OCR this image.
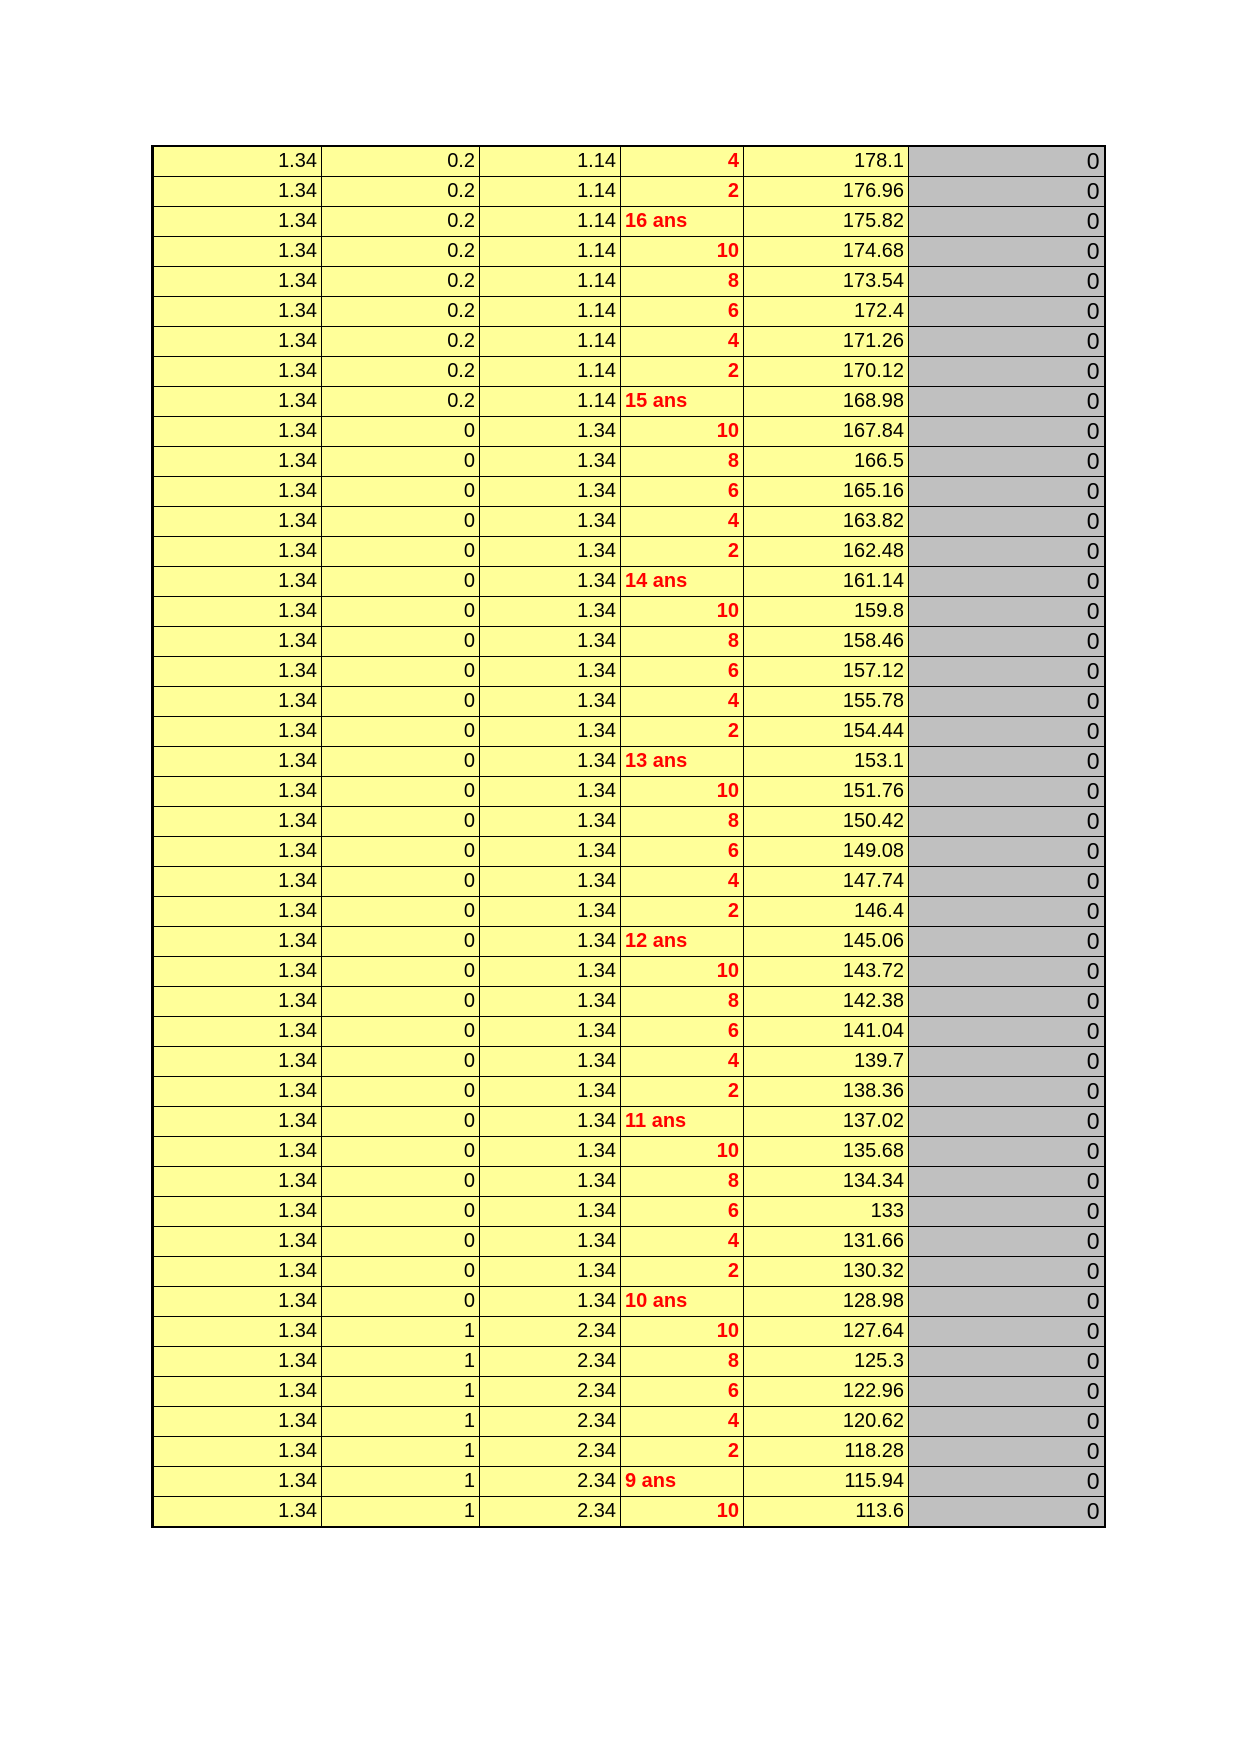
1.34	0.2	1.14	4	178.1	0
1.34	0.2	1.14	2	176.96	0
1.34	0.2	1.14	16 ans	175.82	0
1.34	0.2	1.14	10	174.68	0
1.34	0.2	1.14	8	173.54	0
1.34	0.2	1.14	6	172.4	0
1.34	0.2	1.14	4	171.26	0
1.34	0.2	1.14	2	170.12	0
1.34	0.2	1.14	15 ans	168.98	0
1.34	0	1.34	10	167.84	0
1.34	0	1.34	8	166.5	0
1.34	0	1.34	6	165.16	0
1.34	0	1.34	4	163.82	0
1.34	0	1.34	2	162.48	0
1.34	0	1.34	14 ans	161.14	0
1.34	0	1.34	10	159.8	0
1.34	0	1.34	8	158.46	0
1.34	0	1.34	6	157.12	0
1.34	0	1.34	4	155.78	0
1.34	0	1.34	2	154.44	0
1.34	0	1.34	13 ans	153.1	0
1.34	0	1.34	10	151.76	0
1.34	0	1.34	8	150.42	0
1.34	0	1.34	6	149.08	0
1.34	0	1.34	4	147.74	0
1.34	0	1.34	2	146.4	0
1.34	0	1.34	12 ans	145.06	0
1.34	0	1.34	10	143.72	0
1.34	0	1.34	8	142.38	0
1.34	0	1.34	6	141.04	0
1.34	0	1.34	4	139.7	0
1.34	0	1.34	2	138.36	0
1.34	0	1.34	11 ans	137.02	0
1.34	0	1.34	10	135.68	0
1.34	0	1.34	8	134.34	0
1.34	0	1.34	6	133	0
1.34	0	1.34	4	131.66	0
1.34	0	1.34	2	130.32	0
1.34	0	1.34	10 ans	128.98	0
1.34	1	2.34	10	127.64	0
1.34	1	2.34	8	125.3	0
1.34	1	2.34	6	122.96	0
1.34	1	2.34	4	120.62	0
1.34	1	2.34	2	118.28	0
1.34	1	2.34	9 ans	115.94	0
1.34	1	2.34	10	113.6	0
